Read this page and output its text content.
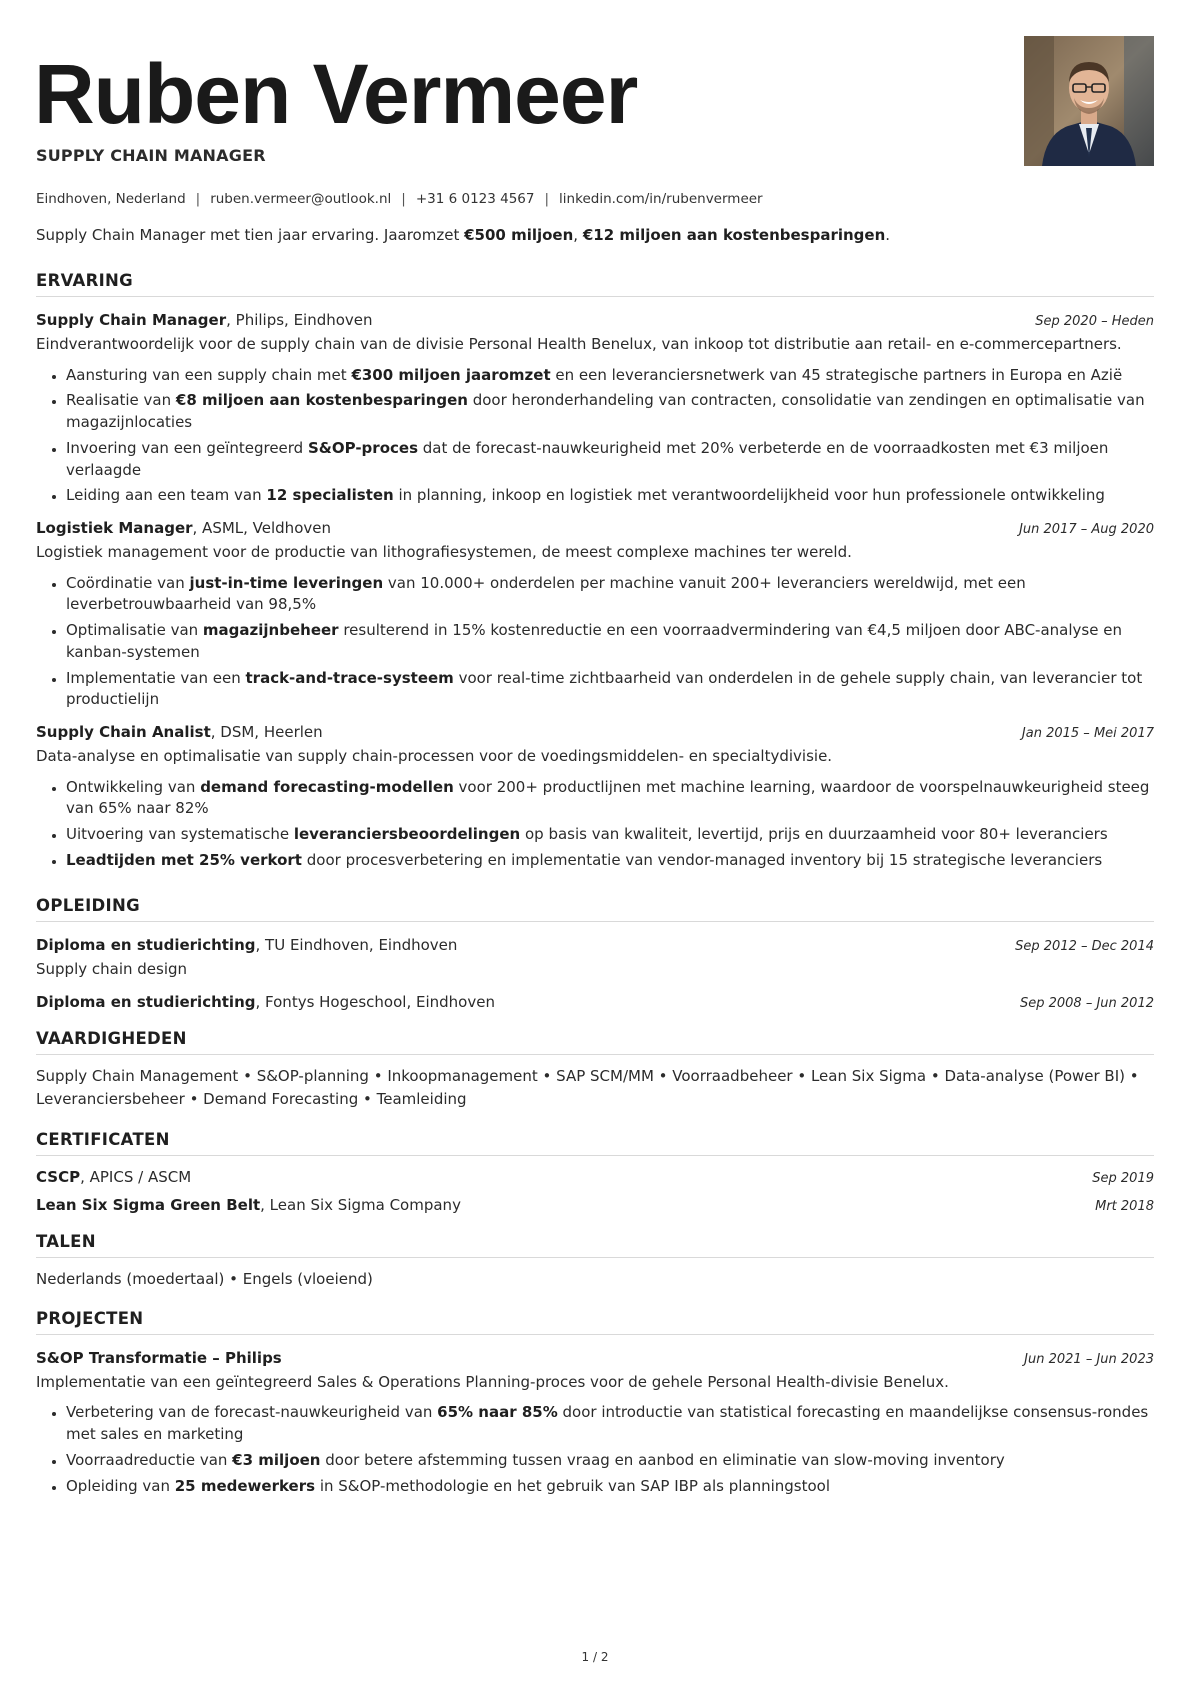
Ruben Vermeer
SUPPLY CHAIN MANAGER
Eindhoven, Nederland | ruben.vermeer@outlook.nl | +31 6 0123 4567 | linkedin.com/in/rubenvermeer
Supply Chain Manager met tien jaar ervaring. Jaaromzet €500 miljoen, €12 miljoen aan kostenbesparingen.
ERVARING
Supply Chain Manager, Philips, Eindhoven	Sep 2020 – Heden
Eindverantwoordelijk voor de supply chain van de divisie Personal Health Benelux, van inkoop tot distributie aan retail- en e-commercepartners.
• Aansturing van een supply chain met €300 miljoen jaaromzet en een leveranciersnetwerk van 45 strategische partners in Europa en Azië
• Realisatie van €8 miljoen aan kostenbesparingen door heronderhandeling van contracten, consolidatie van zendingen en optimalisatie van magazijnlocaties
• Invoering van een geïntegreerd S&OP-proces dat de forecast-nauwkeurigheid met 20% verbeterde en de voorraadkosten met €3 miljoen verlaagde
• Leiding aan een team van 12 specialisten in planning, inkoop en logistiek met verantwoordelijkheid voor hun professionele ontwikkeling
Logistiek Manager, ASML, Veldhoven	Jun 2017 – Aug 2020
Logistiek management voor de productie van lithografiesystemen, de meest complexe machines ter wereld.
• Coördinatie van just-in-time leveringen van 10.000+ onderdelen per machine vanuit 200+ leveranciers wereldwijd, met een leverbetrouwbaarheid van 98,5%
• Optimalisatie van magazijnbeheer resulterend in 15% kostenreductie en een voorraadvermindering van €4,5 miljoen door ABC-analyse en kanban-systemen
• Implementatie van een track-and-trace-systeem voor real-time zichtbaarheid van onderdelen in de gehele supply chain, van leverancier tot productielijn
Supply Chain Analist, DSM, Heerlen	Jan 2015 – Mei 2017
Data-analyse en optimalisatie van supply chain-processen voor de voedingsmiddelen- en specialtydivisie.
• Ontwikkeling van demand forecasting-modellen voor 200+ productlijnen met machine learning, waardoor de voorspelnauwkeurigheid steeg van 65% naar 82%
• Uitvoering van systematische leveranciersbeoordelingen op basis van kwaliteit, levertijd, prijs en duurzaamheid voor 80+ leveranciers
• Leadtijden met 25% verkort door procesverbetering en implementatie van vendor-managed inventory bij 15 strategische leveranciers
OPLEIDING
Diploma en studierichting, TU Eindhoven, Eindhoven	Sep 2012 – Dec 2014
Supply chain design
Diploma en studierichting, Fontys Hogeschool, Eindhoven	Sep 2008 – Jun 2012
VAARDIGHEDEN
Supply Chain Management • S&OP-planning • Inkoopmanagement • SAP SCM/MM • Voorraadbeheer • Lean Six Sigma • Data-analyse (Power BI) • Leveranciersbeheer • Demand Forecasting • Teamleiding
CERTIFICATEN
CSCP, APICS / ASCM	Sep 2019
Lean Six Sigma Green Belt, Lean Six Sigma Company	Mrt 2018
TALEN
Nederlands (moedertaal) • Engels (vloeiend)
PROJECTEN
S&OP Transformatie – Philips	Jun 2021 – Jun 2023
Implementatie van een geïntegreerd Sales & Operations Planning-proces voor de gehele Personal Health-divisie Benelux.
• Verbetering van de forecast-nauwkeurigheid van 65% naar 85% door introductie van statistical forecasting en maandelijkse consensus-rondes met sales en marketing
• Voorraadreductie van €3 miljoen door betere afstemming tussen vraag en aanbod en eliminatie van slow-moving inventory
• Opleiding van 25 medewerkers in S&OP-methodologie en het gebruik van SAP IBP als planningstool
1 / 2
